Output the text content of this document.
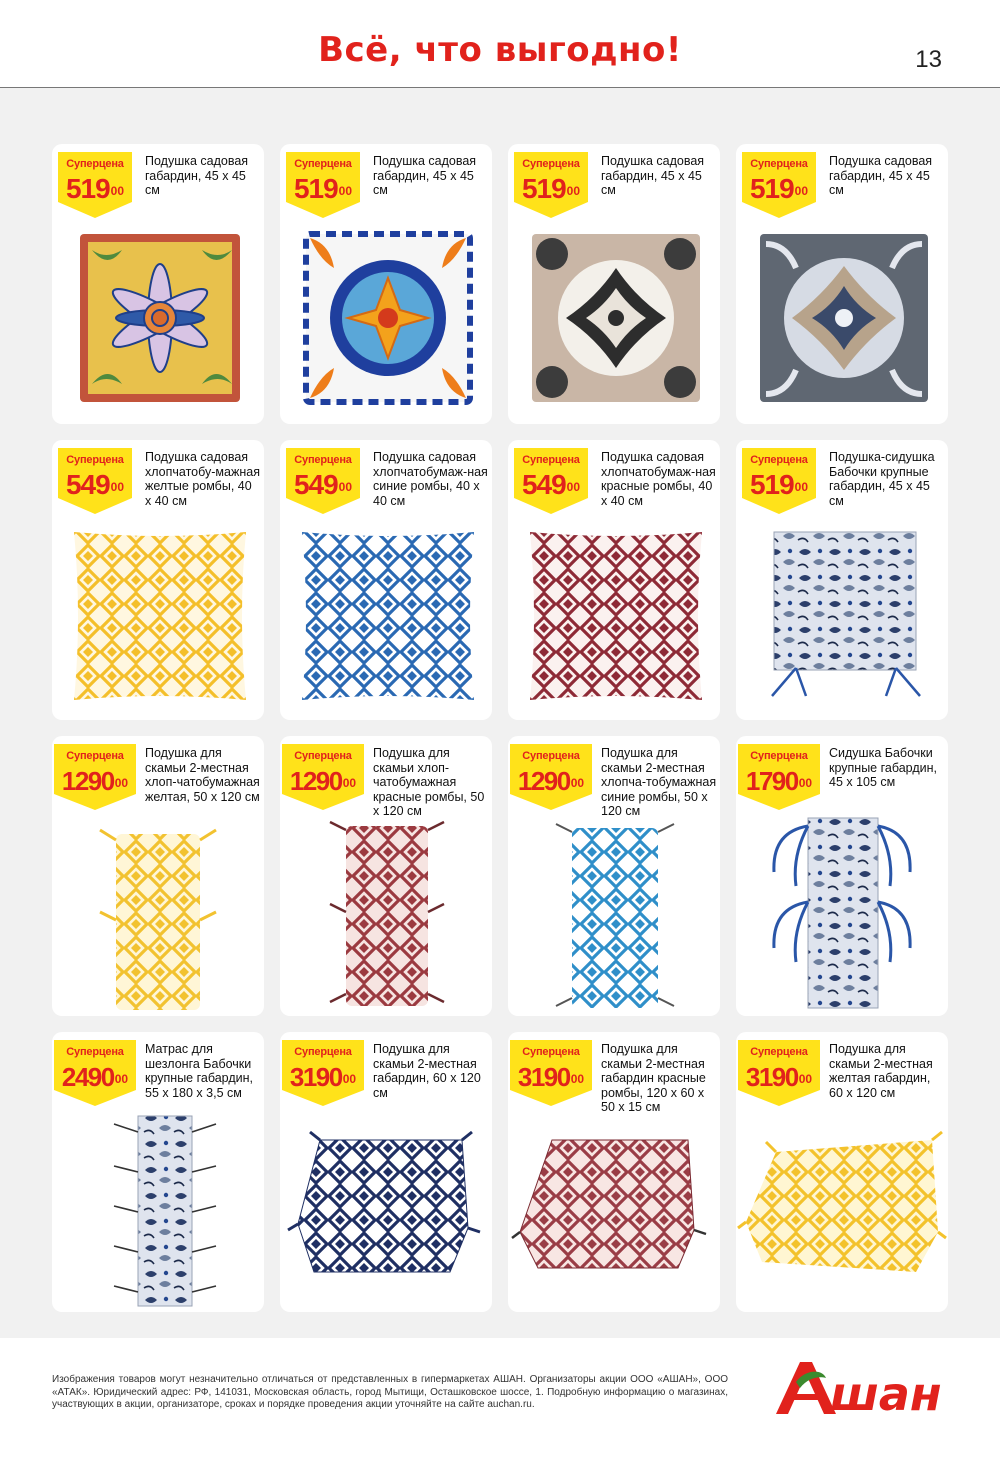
Всё, что выгодно!	13
Суперцена
$519^{00}$
Подушка садовая габардин, 45 х 45 см
Суперцена
$519^{00}$
Подушка садовая габардин, 45 х 45 см
Суперцена
$519^{00}$
Подушка садовая габардин, 45 х 45 см
Суперцена
$519^{00}$
Подушка садовая габардин, 45 х 45 см
Суперцена
$549^{00}$
Подушка садовая хлопчатобу-мажная желтые ромбы, 40 х 40 см
Суперцена
$549^{00}$
Подушка садовая хлопчатобумаж-ная синие ромбы, 40 х 40 см
Суперцена
$549^{00}$
Подушка садовая хлопчатобумаж-ная красные ромбы, 40 х 40 см
Суперцена
$519^{00}$
Подушка-сидушка Бабочки крупные габардин, 45 х 45 см
Суперцена
1290$^{00}$
Подушка для скамьи 2-местная хлоп-чатобумажная желтая, 50 х 120 см
Суперцена
1290$^{00}$
Подушка для скамьи хлоп-чатобумажная красные ромбы, 50 х 120 см
Суперцена
1290$^{00}$
Подушка для скамьи 2-местная хлопча-тобумажная синие ромбы, 50 х 120 см
Суперцена
1790$^{00}$
Сидушка Бабочки крупные габардин, 45 х 105 см
Суперцена
2490$^{00}$
Матрас для шезлонга Бабочки крупные габардин, 55 х 180 х 3,5 см
Суперцена
3190$^{00}$
Подушка для скамьи 2-местная габардин, 60 х 120 см
Суперцена
3190$^{00}$
Подушка для скамьи 2-местная габардин красные ромбы, 120 х 60 х 50 х 15 см
Суперцена
3190$^{00}$
Подушка для скамьи 2-местная желтая габардин, 60 х 120 см
Изображения товаров могут незначительно отличаться от представленных в гипермаркетах АШАН. Организаторы акции ООО «АШАН», ООО «АТАК». Юридический адрес: РФ, 141031, Московская область, город Мытищи, Осташковское шоссе, 1. Подробную информацию о магазинах, участвующих в акции, организаторе, сроках и порядке проведения акции уточняйте на сайте auchan.ru.	шан
